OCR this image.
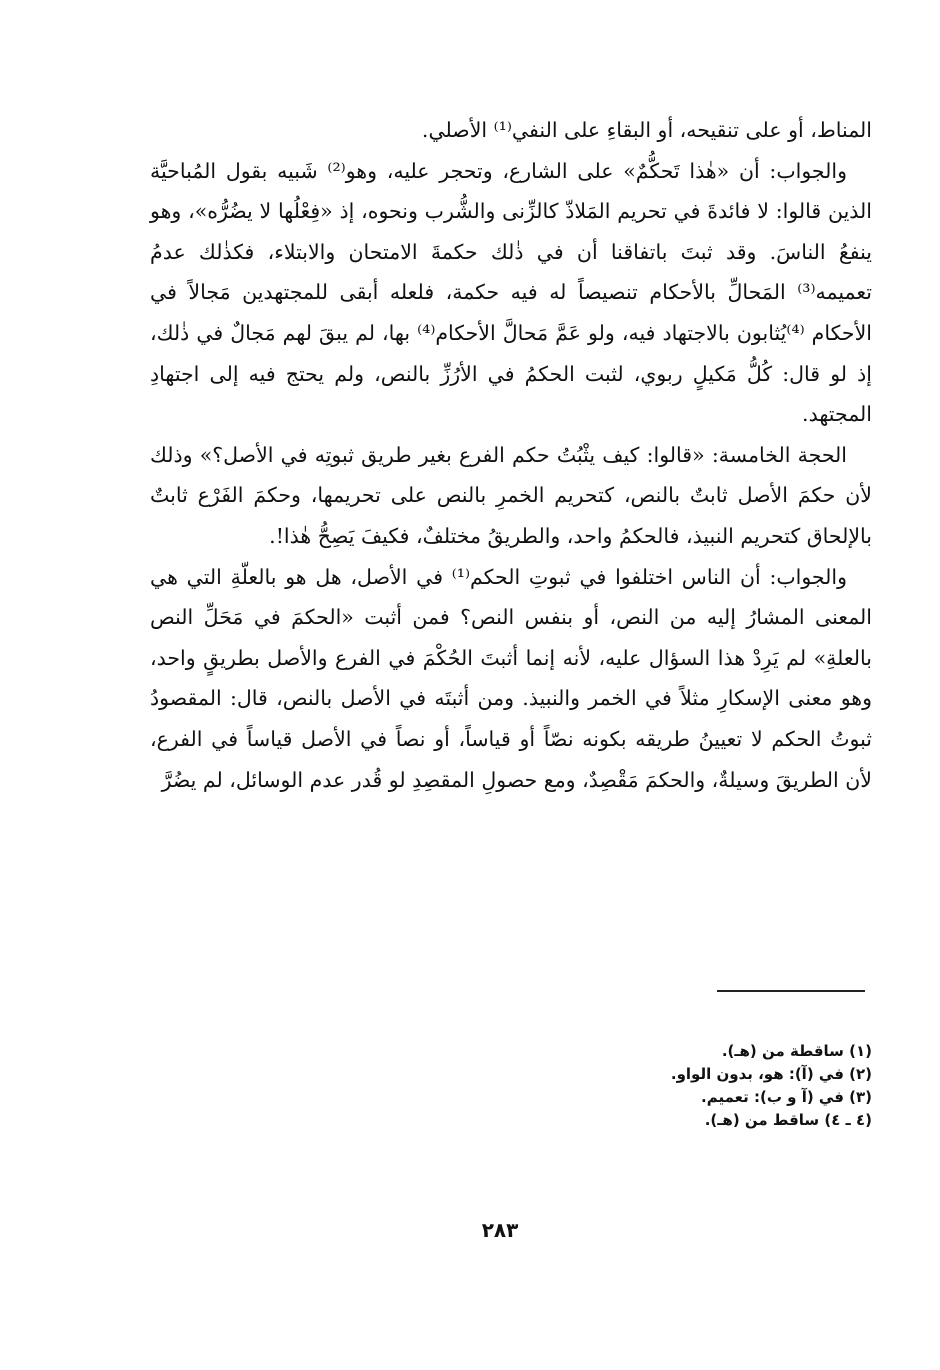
المناط، أو على تنقيحه، أو البقاءِ على النفي⁽¹⁾ الأصلي.

والجواب: أن «هٰذا تَحكُّمٌ» على الشارع، وتحجر عليه، وهو⁽²⁾ شَبيه بقول المُباحيَّة الذين قالوا: لا فائدةَ في تحريم المَلاذّ كالزِّنى والشُّرب ونحوه، إذ «فِعْلُها لا يضُرُّه»، وهو ينفعُ الناسَ. وقد ثبتَ باتفاقنا أن في ذٰلك حكمةَ الامتحان والابتلاء، فكذٰلك عدمُ تعميمه⁽³⁾ المَحالِّ بالأحكام تنصيصاً له فيه حكمة، فلعله أبقى للمجتهدين مَجالاً في الأحكام ⁽⁴⁾يُثابون بالاجتهاد فيه، ولو عَمَّ مَحالَّ الأحكام⁽⁴⁾ بها، لم يبقَ لهم مَجالٌ في ذٰلك، إذ لو قال: كُلُّ مَكيلٍ ربوي، لثبت الحكمُ في الأرُزِّ بالنص، ولم يحتج فيه إلى اجتهادِ المجتهد.

الحجة الخامسة: «قالوا: كيف يثْبُتُ حكم الفرع بغير طريق ثبوتِه في الأصل؟» وذلك لأن حكمَ الأصل ثابتٌ بالنص، كتحريم الخمرِ بالنص على تحريمها، وحكمَ الفَرْع ثابتٌ بالإلحاق كتحريم النبيذ، فالحكمُ واحد، والطريقُ مختلفٌ، فكيفَ يَصِحُّ هٰذا!.

والجواب: أن الناس اختلفوا في ثبوتِ الحكم⁽¹⁾ في الأصل، هل هو بالعلّةِ التي هي المعنى المشارُ إليه من النص، أو بنفس النص؟ فمن أثبت «الحكمَ في مَحَلِّ النص بالعلةِ» لم يَرِدْ هذا السؤال عليه، لأنه إنما أثبتَ الحُكْمَ في الفرع والأصل بطريقٍ واحد، وهو معنى الإسكارِ مثلاً في الخمر والنبيذ. ومن أثبتَه في الأصل بالنص، قال: المقصودُ ثبوتُ الحكم لا تعيينُ طريقه بكونه نصّاً أو قياساً، أو نصاً في الأصل قياساً في الفرع، لأن الطريقَ وسيلةٌ، والحكمَ مَقْصِدٌ، ومع حصولِ المقصِدِ لو قُدر عدم الوسائل، لم يضُرَّ

(١) ساقطة من (هـ).

(٢) في (آ): هو، بدون الواو.

(٣) في (آ و ب): تعميم.

(٤ ـ ٤) ساقط من (هـ).

٢٨٣
